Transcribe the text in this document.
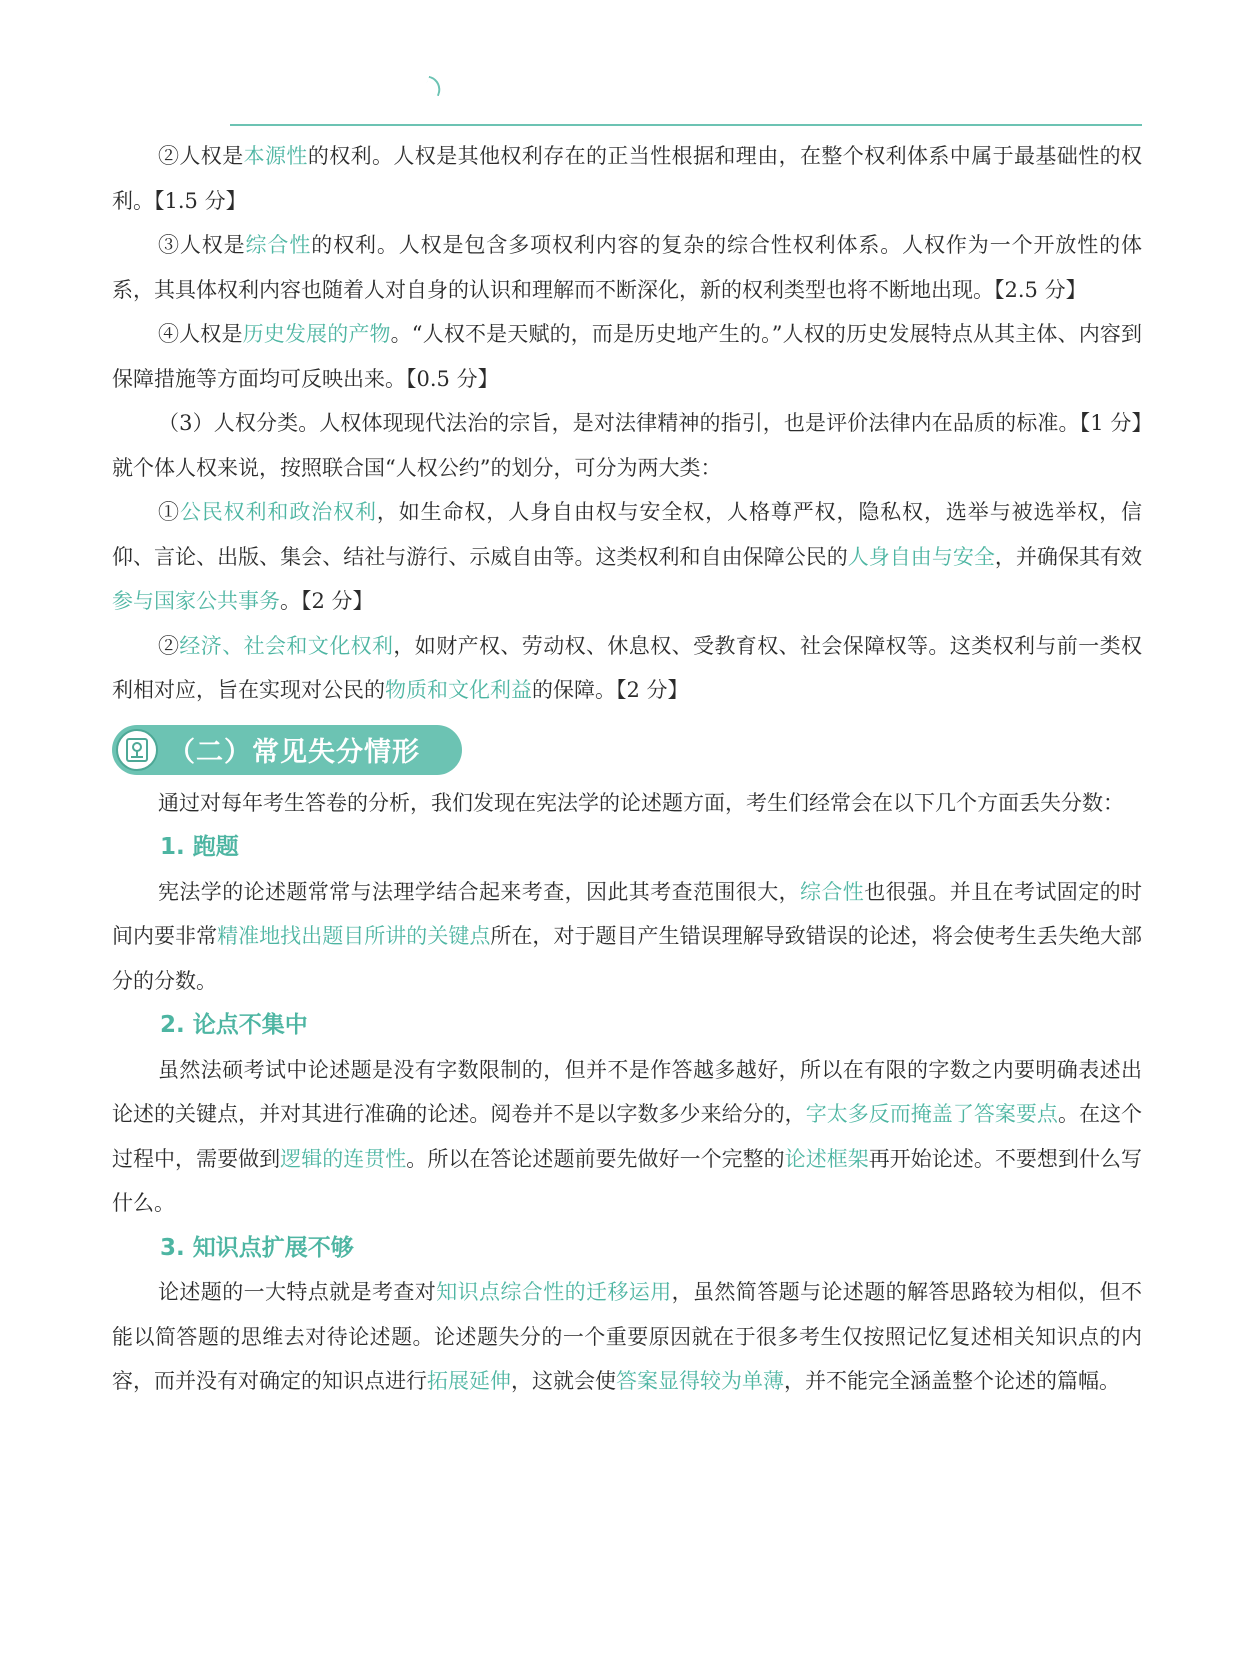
②人权是本源性的权利。人权是其他权利存在的正当性根据和理由，在整个权利体系中属于最基础性的权利。【1.5 分】

③人权是综合性的权利。人权是包含多项权利内容的复杂的综合性权利体系。人权作为一个开放性的体系，其具体权利内容也随着人对自身的认识和理解而不断深化，新的权利类型也将不断地出现。【2.5 分】

④人权是历史发展的产物。“人权不是天赋的，而是历史地产生的。”人权的历史发展特点从其主体、内容到保障措施等方面均可反映出来。【0.5 分】

（3）人权分类。人权体现现代法治的宗旨，是对法律精神的指引，也是评价法律内在品质的标准。【1 分】就个体人权来说，按照联合国“人权公约”的划分，可分为两大类：

①公民权利和政治权利，如生命权，人身自由权与安全权，人格尊严权，隐私权，选举与被选举权，信仰、言论、出版、集会、结社与游行、示威自由等。这类权利和自由保障公民的人身自由与安全，并确保其有效参与国家公共事务。【2 分】

②经济、社会和文化权利，如财产权、劳动权、休息权、受教育权、社会保障权等。这类权利与前一类权利相对应，旨在实现对公民的物质和文化利益的保障。【2 分】

（二）常见失分情形

通过对每年考生答卷的分析，我们发现在宪法学的论述题方面，考生们经常会在以下几个方面丢失分数：

1. 跑题

宪法学的论述题常常与法理学结合起来考查，因此其考查范围很大，综合性也很强。并且在考试固定的时间内要非常精准地找出题目所讲的关键点所在，对于题目产生错误理解导致错误的论述，将会使考生丢失绝大部分的分数。

2. 论点不集中

虽然法硕考试中论述题是没有字数限制的，但并不是作答越多越好，所以在有限的字数之内要明确表述出论述的关键点，并对其进行准确的论述。阅卷并不是以字数多少来给分的，字太多反而掩盖了答案要点。在这个过程中，需要做到逻辑的连贯性。所以在答论述题前要先做好一个完整的论述框架再开始论述。不要想到什么写什么。

3. 知识点扩展不够

论述题的一大特点就是考查对知识点综合性的迁移运用，虽然简答题与论述题的解答思路较为相似，但不能以简答题的思维去对待论述题。论述题失分的一个重要原因就在于很多考生仅按照记忆复述相关知识点的内容，而并没有对确定的知识点进行拓展延伸，这就会使答案显得较为单薄，并不能完全涵盖整个论述的篇幅。
